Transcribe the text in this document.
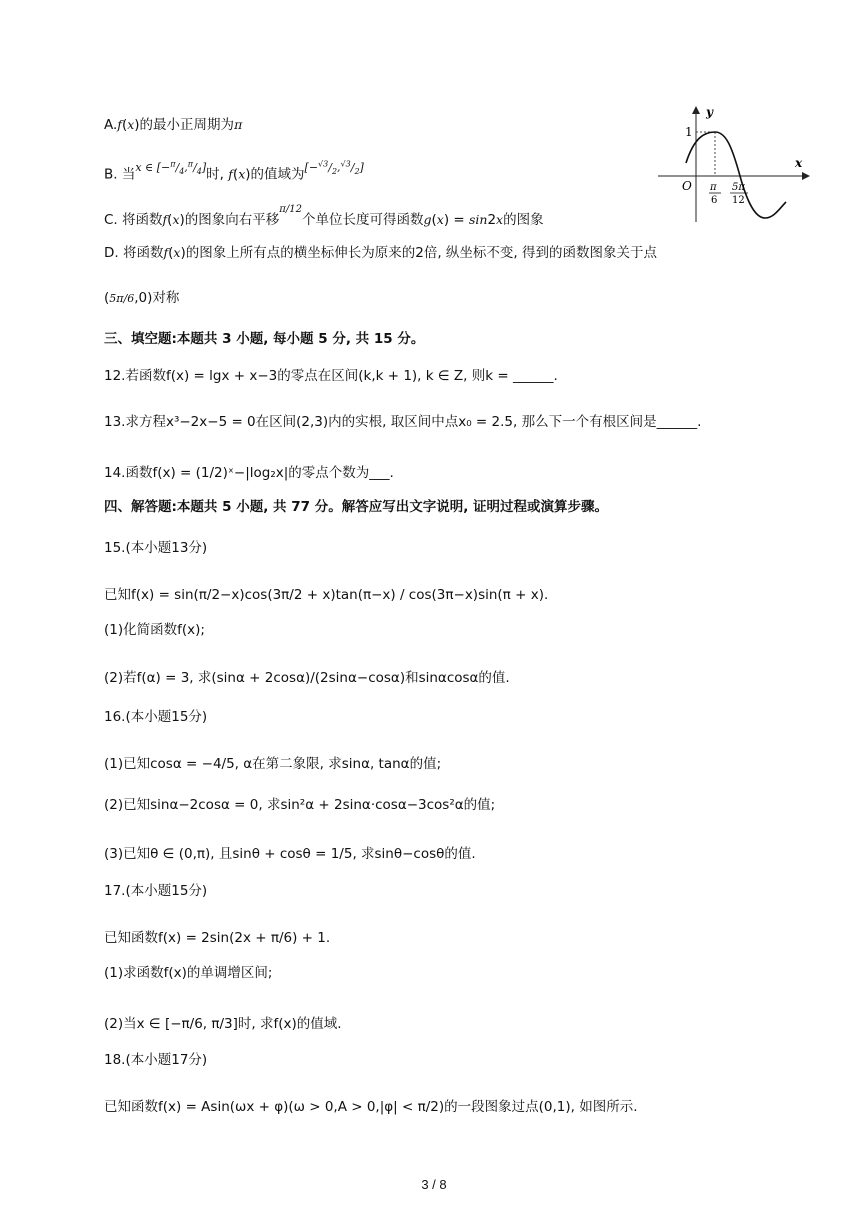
A.f(x)的最小正周期为π
B. 当$^{x \in [-^\pi/_4,^\pi/_4]}$时, f(x)的值域为[−√3/2,√3/2]
C. 将函数f(x)的图象向右平移$^{\pi/12}$个单位长度可得函数g(x) = sin2x的图象
D. 将函数f(x)的图象上所有点的横坐标伸长为原来的2倍, 纵坐标不变, 得到的函数图象关于点
(5π/6,0)对称
三、填空题:本题共 3 小题, 每小题 5 分, 共 15 分。
12.若函数f(x) = lgx + x−3的零点在区间(k,k + 1), k ∈ Z, 则k = ______.
13.求方程x³−2x−5 = 0在区间(2,3)内的实根, 取区间中点x₀ = 2.5, 那么下一个有根区间是______.
14.函数f(x) = (1/2)ˣ−|log₂x|的零点个数为___.
四、解答题:本题共 5 小题, 共 77 分。解答应写出文字说明, 证明过程或演算步骤。
15.(本小题13分)
已知f(x) = sin(π/2−x)cos(3π/2 + x)tan(π−x) / cos(3π−x)sin(π + x).
(1)化简函数f(x);
(2)若f(α) = 3, 求(sinα + 2cosα)/(2sinα−cosα)和sinαcosα的值.
16.(本小题15分)
(1)已知cosα = −4/5, α在第二象限, 求sinα, tanα的值;
(2)已知sinα−2cosα = 0, 求sin²α + 2sinα·cosα−3cos²α的值;
(3)已知θ ∈ (0,π), 且sinθ + cosθ = 1/5, 求sinθ−cosθ的值.
17.(本小题15分)
已知函数f(x) = 2sin(2x + π/6) + 1.
(1)求函数f(x)的单调增区间;
(2)当x ∈ [−π/6, π/3]时, 求f(x)的值域.
18.(本小题17分)
已知函数f(x) = Asin(ωx + φ)(ω > 0,A > 0,|φ| < π/2)的一段图象过点(0,1), 如图所示.
y
x
O
1
π
6
5π
12
3 / 8
